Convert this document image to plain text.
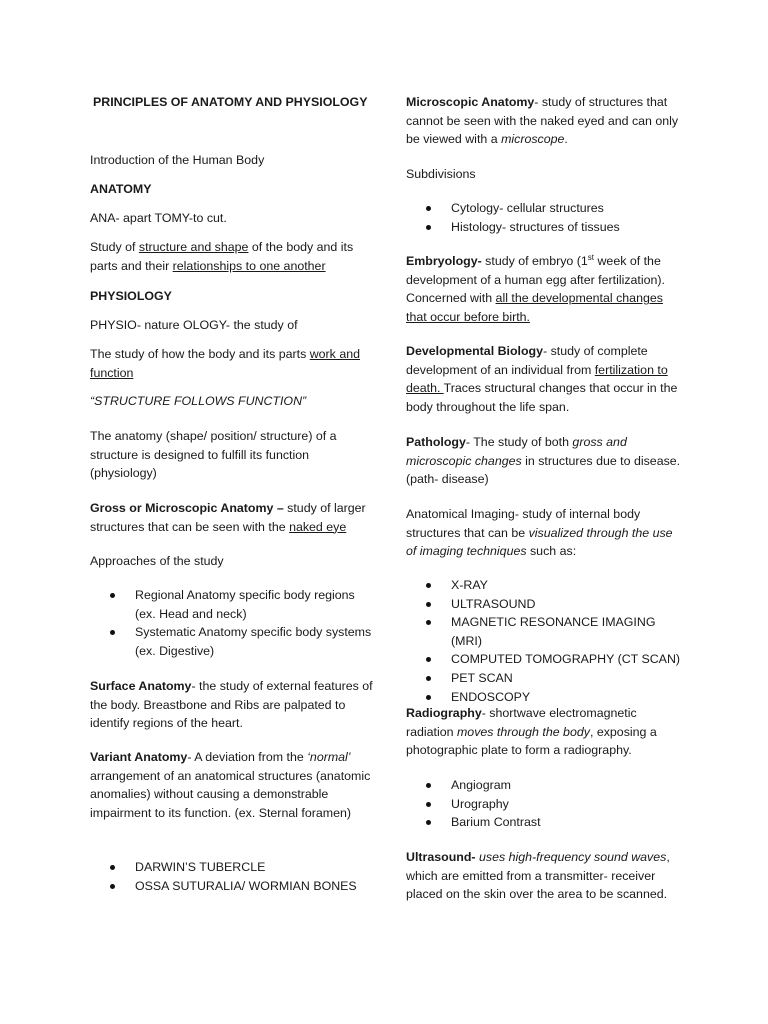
PRINCIPLES OF ANATOMY AND PHYSIOLOGY

Introduction of the Human Body

ANATOMY

ANA- apart TOMY-to cut.

Study of structure and shape of the body and its parts and their relationships to one another

PHYSIOLOGY

PHYSIO- nature OLOGY- the study of

The study of how the body and its parts work and function

“STRUCTURE FOLLOWS FUNCTION”

The anatomy (shape/ position/ structure) of a structure is designed to fulfill its function (physiology)

Gross or Microscopic Anatomy – study of larger structures that can be seen with the naked eye

Approaches of the study

Regional Anatomy specific body regions (ex. Head and neck)
Systematic Anatomy specific body systems (ex. Digestive)

Surface Anatomy- the study of external features of the body. Breastbone and Ribs are palpated to identify regions of the heart.

Variant Anatomy- A deviation from the ‘normal’ arrangement of an anatomical structures (anatomic anomalies) without causing a demonstrable impairment to its function. (ex. Sternal foramen)

DARWIN’S TUBERCLE
OSSA SUTURALIA/ WORMIAN BONES

Microscopic Anatomy- study of structures that cannot be seen with the naked eyed and can only be viewed with a microscope.

Subdivisions

Cytology- cellular structures
Histology- structures of tissues

Embryology- study of embryo (1st week of the development of a human egg after fertilization). Concerned with all the developmental changes that occur before birth.

Developmental Biology- study of complete development of an individual from fertilization to death. Traces structural changes that occur in the body throughout the life span.

Pathology- The study of both gross and microscopic changes in structures due to disease. (path- disease)

Anatomical Imaging- study of internal body structures that can be visualized through the use of imaging techniques such as:

X-RAY
ULTRASOUND
MAGNETIC RESONANCE IMAGING (MRI)
COMPUTED TOMOGRAPHY (CT SCAN)
PET SCAN
ENDOSCOPY

Radiography- shortwave electromagnetic radiation moves through the body, exposing a photographic plate to form a radiography.

Angiogram
Urography
Barium Contrast

Ultrasound- uses high-frequency sound waves, which are emitted from a transmitter- receiver placed on the skin over the area to be scanned.
